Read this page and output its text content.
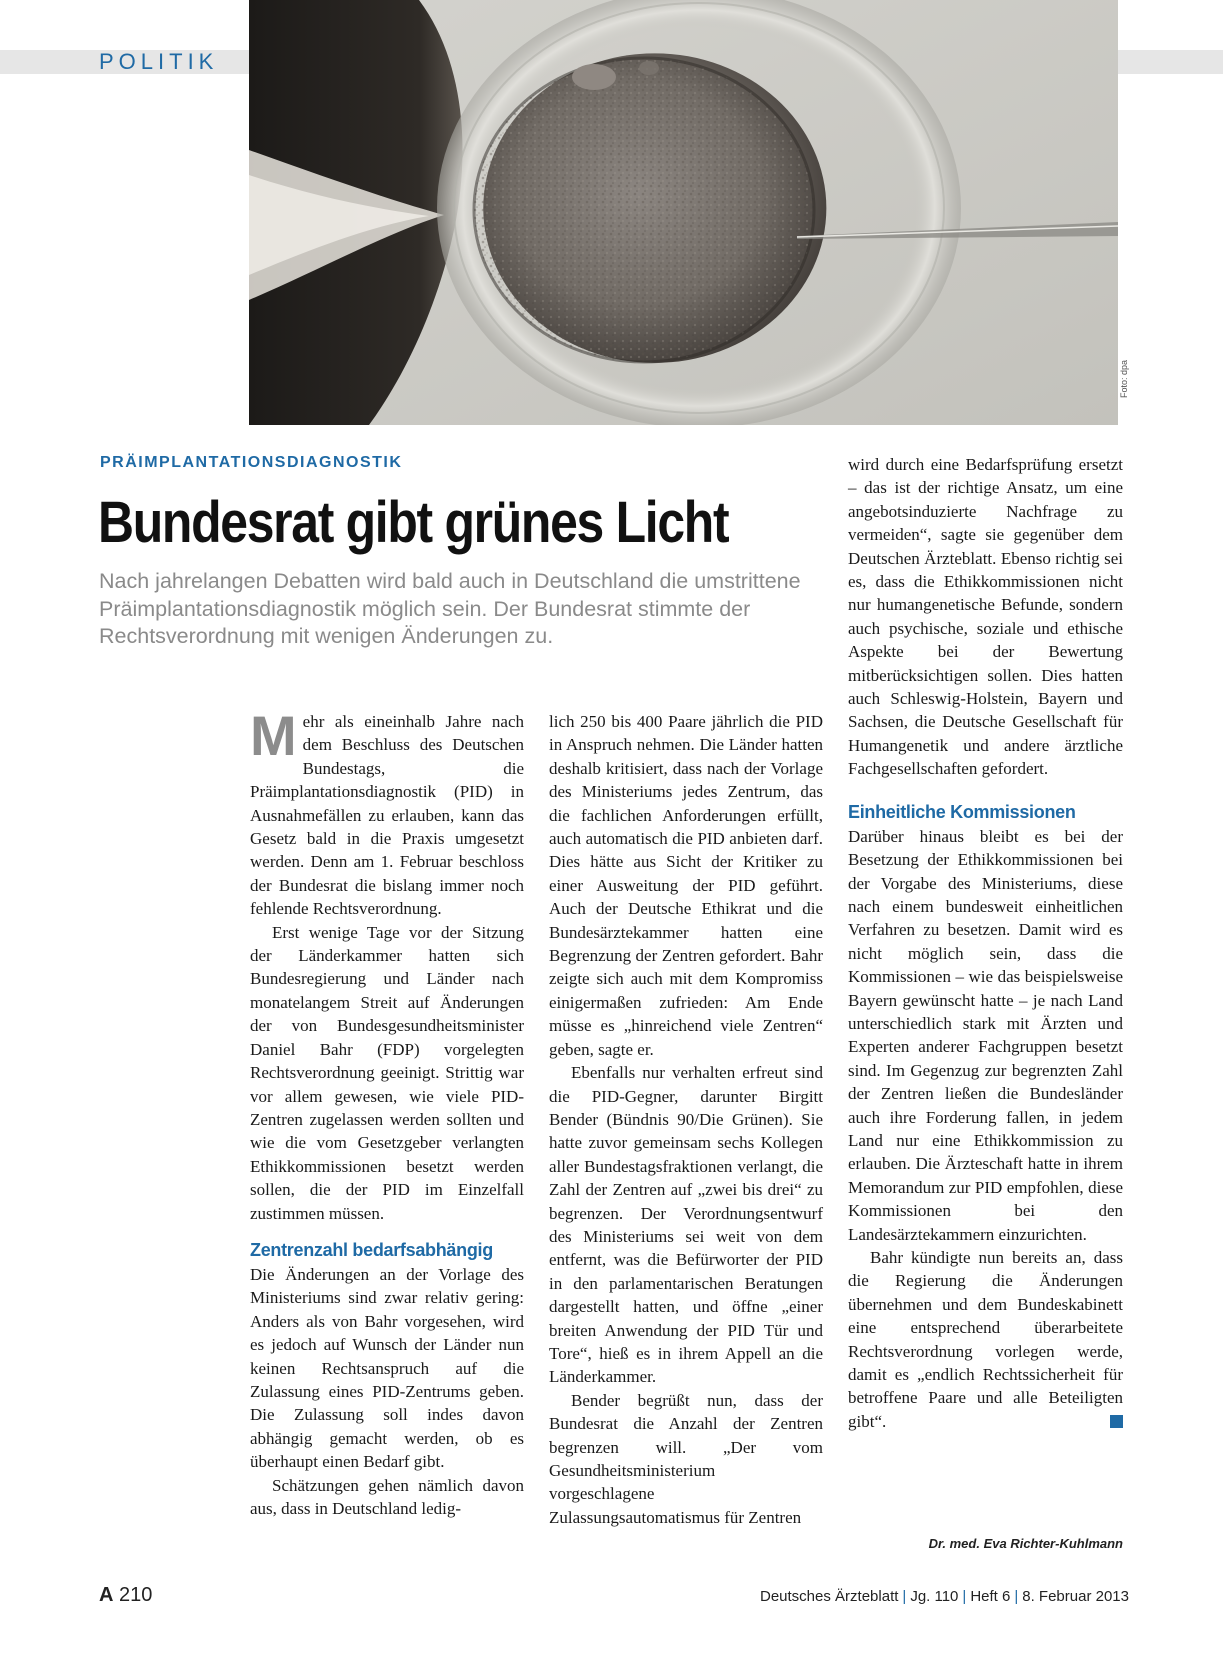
POLITIK
Foto: dpa
PRÄIMPLANTATIONSDIAGNOSTIK
Bundesrat gibt grünes Licht
Nach jahrelangen Debatten wird bald auch in Deutschland die umstrittene Präimplantationsdiagnostik möglich sein. Der Bundesrat stimmte der Rechtsverordnung mit wenigen Änderungen zu.

Mehr als eineinhalb Jahre nach dem Beschluss des Deutschen Bundestags, die Präimplantationsdiagnostik (PID) in Ausnahmefällen zu erlauben, kann das Gesetz bald in die Praxis umgesetzt werden. Denn am 1. Februar beschloss der Bundesrat die bislang immer noch fehlende Rechtsverordnung.

Erst wenige Tage vor der Sitzung der Länderkammer hatten sich Bundesregierung und Länder nach monatelangem Streit auf Änderungen der von Bundesgesundheitsminister Daniel Bahr (FDP) vorgelegten Rechtsverordnung geeinigt. Strittig war vor allem gewesen, wie viele PID-Zentren zugelassen werden sollten und wie die vom Gesetzgeber verlangten Ethikkommissionen besetzt werden sollen, die der PID im Einzelfall zustimmen müssen.

Zentrenzahl bedarfsabhängig

Die Änderungen an der Vorlage des Ministeriums sind zwar relativ gering: Anders als von Bahr vorgesehen, wird es jedoch auf Wunsch der Länder nun keinen Rechtsanspruch auf die Zulassung eines PID-Zentrums geben. Die Zulassung soll indes davon abhängig gemacht werden, ob es überhaupt einen Bedarf gibt.

Schätzungen gehen nämlich davon aus, dass in Deutschland ledig-

lich 250 bis 400 Paare jährlich die PID in Anspruch nehmen. Die Länder hatten deshalb kritisiert, dass nach der Vorlage des Ministeriums jedes Zentrum, das die fachlichen Anforderungen erfüllt, auch automatisch die PID anbieten darf. Dies hätte aus Sicht der Kritiker zu einer Ausweitung der PID geführt. Auch der Deutsche Ethikrat und die Bundesärztekammer hatten eine Begrenzung der Zentren gefordert. Bahr zeigte sich auch mit dem Kompromiss einigermaßen zufrieden: Am Ende müsse es „hinreichend viele Zentren“ geben, sagte er.

Ebenfalls nur verhalten erfreut sind die PID-Gegner, darunter Birgitt Bender (Bündnis 90/Die Grünen). Sie hatte zuvor gemeinsam sechs Kollegen aller Bundestagsfraktionen verlangt, die Zahl der Zentren auf „zwei bis drei“ zu begrenzen. Der Verordnungsentwurf des Ministeriums sei weit von dem entfernt, was die Befürworter der PID in den parlamentarischen Beratungen dargestellt hatten, und öffne „einer breiten Anwendung der PID Tür und Tore“, hieß es in ihrem Appell an die Länderkammer.

Bender begrüßt nun, dass der Bundesrat die Anzahl der Zentren begrenzen will. „Der vom Gesundheitsministerium vorgeschlagene Zulassungsautomatismus für Zentren

wird durch eine Bedarfsprüfung ersetzt – das ist der richtige Ansatz, um eine angebotsinduzierte Nachfrage zu vermeiden“, sagte sie gegenüber dem Deutschen Ärzteblatt. Ebenso richtig sei es, dass die Ethikkommissionen nicht nur humangenetische Befunde, sondern auch psychische, soziale und ethische Aspekte bei der Bewertung mitberücksichtigen sollen. Dies hatten auch Schleswig-Holstein, Bayern und Sachsen, die Deutsche Gesellschaft für Humangenetik und andere ärztliche Fachgesellschaften gefordert.

Einheitliche Kommissionen

Darüber hinaus bleibt es bei der Besetzung der Ethikkommissionen bei der Vorgabe des Ministeriums, diese nach einem bundesweit einheitlichen Verfahren zu besetzen. Damit wird es nicht möglich sein, dass die Kommissionen – wie das beispielsweise Bayern gewünscht hatte – je nach Land unterschiedlich stark mit Ärzten und Experten anderer Fachgruppen besetzt sind. Im Gegenzug zur begrenzten Zahl der Zentren ließen die Bundesländer auch ihre Forderung fallen, in jedem Land nur eine Ethikkommission zu erlauben. Die Ärzteschaft hatte in ihrem Memorandum zur PID empfohlen, diese Kommissionen bei den Landesärztekammern einzurichten.

Bahr kündigte nun bereits an, dass die Regierung die Änderungen übernehmen und dem Bundeskabinett eine entsprechend überarbeitete Rechtsverordnung vorlegen werde, damit es „endlich Rechtssicherheit für betroffene Paare und alle Beteiligten gibt“.

Dr. med. Eva Richter-Kuhlmann
A 210	Deutsches Ärzteblatt | Jg. 110 | Heft 6 | 8. Februar 2013
